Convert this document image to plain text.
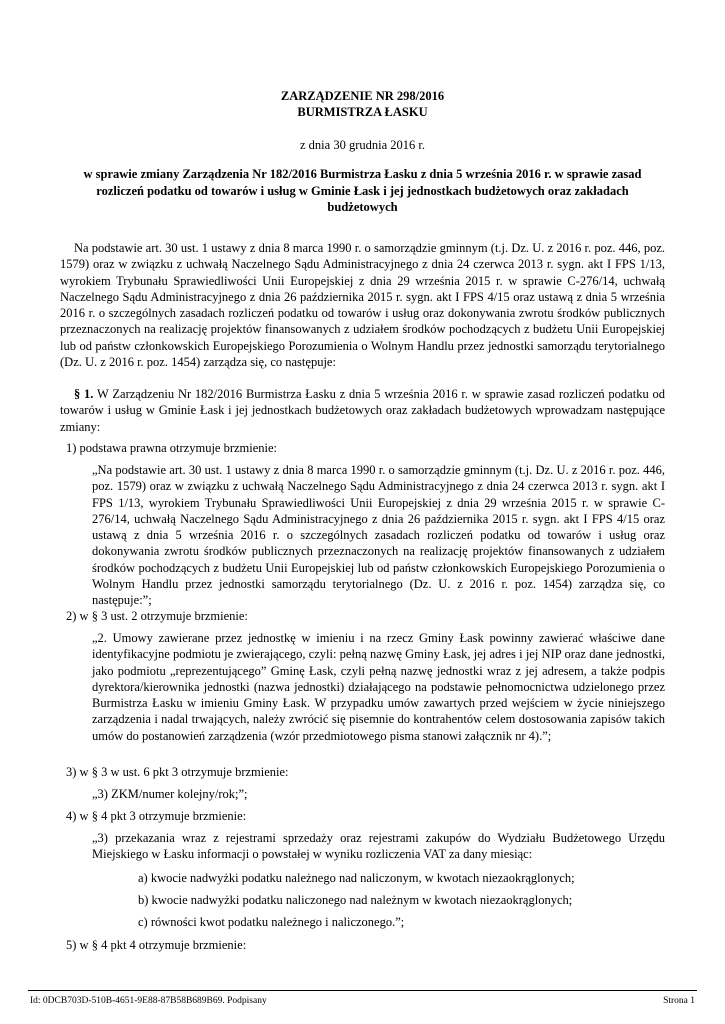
ZARZĄDZENIE NR 298/2016
BURMISTRZA ŁASKU
z dnia 30 grudnia 2016 r.
w sprawie zmiany Zarządzenia Nr 182/2016 Burmistrza Łasku z dnia 5 września 2016 r. w sprawie zasad rozliczeń podatku od towarów i usług w Gminie Łask i jej jednostkach budżetowych oraz zakładach budżetowych

Na podstawie art. 30 ust. 1 ustawy z dnia 8 marca 1990 r. o samorządzie gminnym (t.j. Dz. U. z 2016 r. poz. 446, poz. 1579) oraz w związku z uchwałą Naczelnego Sądu Administracyjnego z dnia 24 czerwca 2013 r. sygn. akt I FPS 1/13, wyrokiem Trybunału Sprawiedliwości Unii Europejskiej z dnia 29 września 2015 r. w sprawie C-276/14, uchwałą Naczelnego Sądu Administracyjnego z dnia 26 października 2015 r. sygn. akt I FPS 4/15 oraz ustawą z dnia 5 września 2016 r. o szczególnych zasadach rozliczeń podatku od towarów i usług oraz dokonywania zwrotu środków publicznych przeznaczonych na realizację projektów finansowanych z udziałem środków pochodzących z budżetu Unii Europejskiej lub od państw członkowskich Europejskiego Porozumienia o Wolnym Handlu przez jednostki samorządu terytorialnego (Dz. U. z 2016 r. poz. 1454) zarządza się, co następuje:

§ 1. W Zarządzeniu Nr 182/2016 Burmistrza Łasku z dnia 5 września 2016 r. w sprawie zasad rozliczeń podatku od towarów i usług w Gminie Łask i jej jednostkach budżetowych oraz zakładach budżetowych wprowadzam następujące zmiany:

1) podstawa prawna otrzymuje brzmienie:

„Na podstawie art. 30 ust. 1 ustawy z dnia 8 marca 1990 r. o samorządzie gminnym (t.j. Dz. U. z 2016 r. poz. 446, poz. 1579) oraz w związku z uchwałą Naczelnego Sądu Administracyjnego z dnia 24 czerwca 2013 r. sygn. akt I FPS 1/13, wyrokiem Trybunału Sprawiedliwości Unii Europejskiej z dnia 29 września 2015 r. w sprawie C-276/14, uchwałą Naczelnego Sądu Administracyjnego z dnia 26 października 2015 r. sygn. akt I FPS 4/15 oraz ustawą z dnia 5 września 2016 r. o szczególnych zasadach rozliczeń podatku od towarów i usług oraz dokonywania zwrotu środków publicznych przeznaczonych na realizację projektów finansowanych z udziałem środków pochodzących z budżetu Unii Europejskiej lub od państw członkowskich Europejskiego Porozumienia o Wolnym Handlu przez jednostki samorządu terytorialnego (Dz. U. z 2016 r. poz. 1454) zarządza się, co następuje:”;

2) w § 3 ust. 2 otrzymuje brzmienie:

„2. Umowy zawierane przez jednostkę w imieniu i na rzecz Gminy Łask powinny zawierać właściwe dane identyfikacyjne podmiotu je zwierającego, czyli: pełną nazwę Gminy Łask, jej adres i jej NIP oraz dane jednostki, jako podmiotu „reprezentującego” Gminę Łask, czyli pełną nazwę jednostki wraz z jej adresem, a także podpis dyrektora/kierownika jednostki (nazwa jednostki) działającego na podstawie pełnomocnictwa udzielonego przez Burmistrza Łasku w imieniu Gminy Łask. W przypadku umów zawartych przed wejściem w życie niniejszego zarządzenia i nadal trwających, należy zwrócić się pisemnie do kontrahentów celem dostosowania zapisów takich umów do postanowień zarządzenia (wzór przedmiotowego pisma stanowi załącznik nr 4).”;

3) w § 3 w ust. 6 pkt 3 otrzymuje brzmienie:

„3) ZKM/numer kolejny/rok;”;

4) w § 4 pkt 3 otrzymuje brzmienie:

„3) przekazania wraz z rejestrami sprzedaży oraz rejestrami zakupów do Wydziału Budżetowego Urzędu Miejskiego w Łasku informacji o powstałej w wyniku rozliczenia VAT za dany miesiąc:

a) kwocie nadwyżki podatku należnego nad naliczonym, w kwotach niezaokrąglonych;

b) kwocie nadwyżki podatku naliczonego nad należnym w kwotach niezaokrąglonych;

c) równości kwot podatku należnego i naliczonego.”;

5) w § 4 pkt 4 otrzymuje brzmienie:

Id: 0DCB703D-510B-4651-9E88-87B58B689B69. Podpisany	Strona 1
